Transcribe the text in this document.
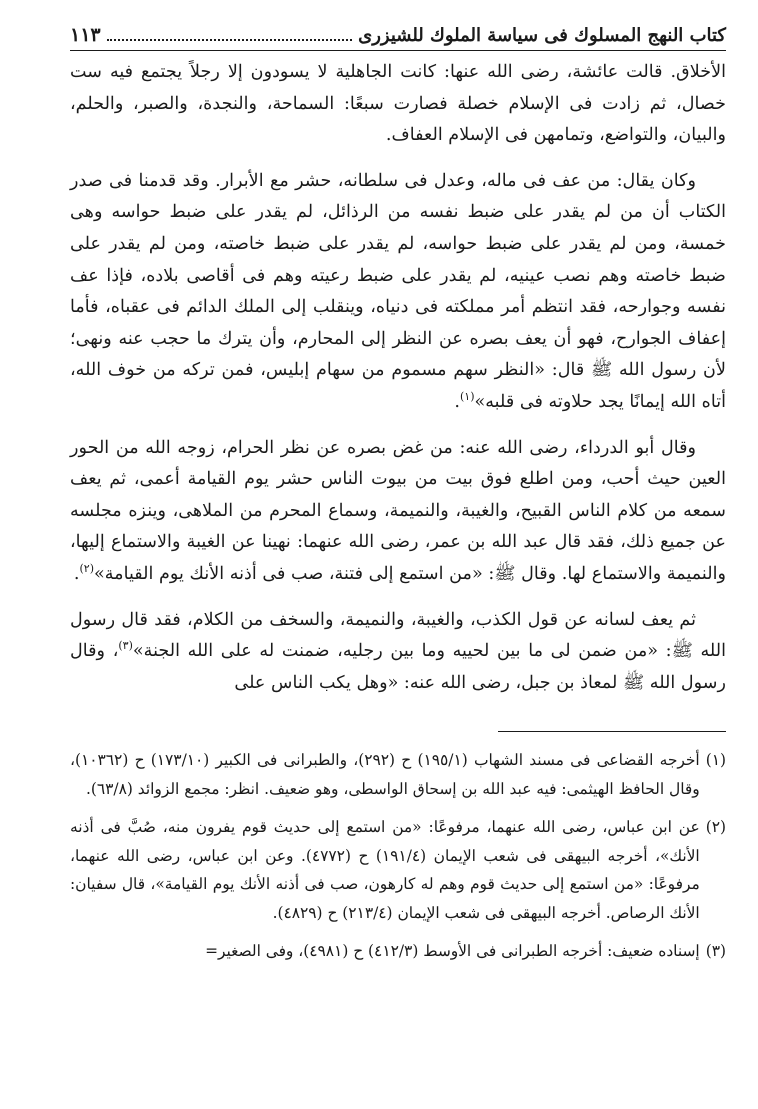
كتاب النهج المسلوك فى سياسة الملوك للشيزرى
١١٣

الأخلاق. قالت عائشة، رضى الله عنها: كانت الجاهلية لا يسودون إلا رجلاً يجتمع فيه ست خصال، ثم زادت فى الإسلام خصلة فصارت سبعًا: السماحة، والنجدة، والصبر، والحلم، والبيان، والتواضع، وتمامهن فى الإسلام العفاف.

وكان يقال: من عف فى ماله، وعدل فى سلطانه، حشر مع الأبرار. وقد قدمنا فى صدر الكتاب أن من لم يقدر على ضبط نفسه من الرذائل، لم يقدر على ضبط حواسه وهى خمسة، ومن لم يقدر على ضبط حواسه، لم يقدر على ضبط خاصته، ومن لم يقدر على ضبط خاصته وهم نصب عينيه، لم يقدر على ضبط رعيته وهم فى أقاصى بلاده، فإذا عف نفسه وجوارحه، فقد انتظم أمر مملكته فى دنياه، وينقلب إلى الملك الدائم فى عقباه، فأما إعفاف الجوارح، فهو أن يعف بصره عن النظر إلى المحارم، وأن يترك ما حجب عنه ونهى؛ لأن رسول الله ﷺ قال: «النظر سهم مسموم من سهام إبليس، فمن تركه من خوف الله، أتاه الله إيمانًا يجد حلاوته فى قلبه»$^{(١)}$.

وقال أبو الدرداء، رضى الله عنه: من غض بصره عن نظر الحرام، زوجه الله من الحور العين حيث أحب، ومن اطلع فوق بيت من بيوت الناس حشر يوم القيامة أعمى، ثم يعف سمعه من كلام الناس القبيح، والغيبة، والنميمة، وسماع المحرم من الملاهى، وينزه مجلسه عن جميع ذلك، فقد قال عبد الله بن عمر، رضى الله عنهما: نهينا عن الغيبة والاستماع إليها، والنميمة والاستماع لها. وقال ﷺ: «من استمع إلى فتنة، صب فى أذنه الأنك يوم القيامة»$^{(٢)}$.

ثم يعف لسانه عن قول الكذب، والغيبة، والنميمة، والسخف من الكلام، فقد قال رسول الله ﷺ: «من ضمن لى ما بين لحييه وما بين رجليه، ضمنت له على الله الجنة»$^{(٣)}$، وقال رسول الله ﷺ لمعاذ بن جبل، رضى الله عنه: «وهل يكب الناس على

(١)
أخرجه القضاعى فى مسند الشهاب (١٩٥/١) ح (٢٩٢)، والطبرانى فى الكبير (١٧٣/١٠) ح (١٠٣٦٢)، وقال الحافظ الهيثمى: فيه عبد الله بن إسحاق الواسطى، وهو ضعيف. انظر: مجمع الزوائد (٦٣/٨).
(٢)
عن ابن عباس، رضى الله عنهما، مرفوعًا: «من استمع إلى حديث قوم يفرون منه، صُبَّ فى أذنه الأنك»، أخرجه البيهقى فى شعب الإيمان (١٩١/٤) ح (٤٧٧٢). وعن ابن عباس، رضى الله عنهما، مرفوعًا: «من استمع إلى حديث قوم وهم له كارهون، صب فى أذنه الأنك يوم القيامة»، قال سفيان: الأنك الرصاص. أخرجه البيهقى فى شعب الإيمان (٢١٣/٤) ح (٤٨٢٩).
(٣)
إسناده ضعيف: أخرجه الطبرانى فى الأوسط (٤١٢/٣) ح (٤٩٨١)، وفى الصغير=
